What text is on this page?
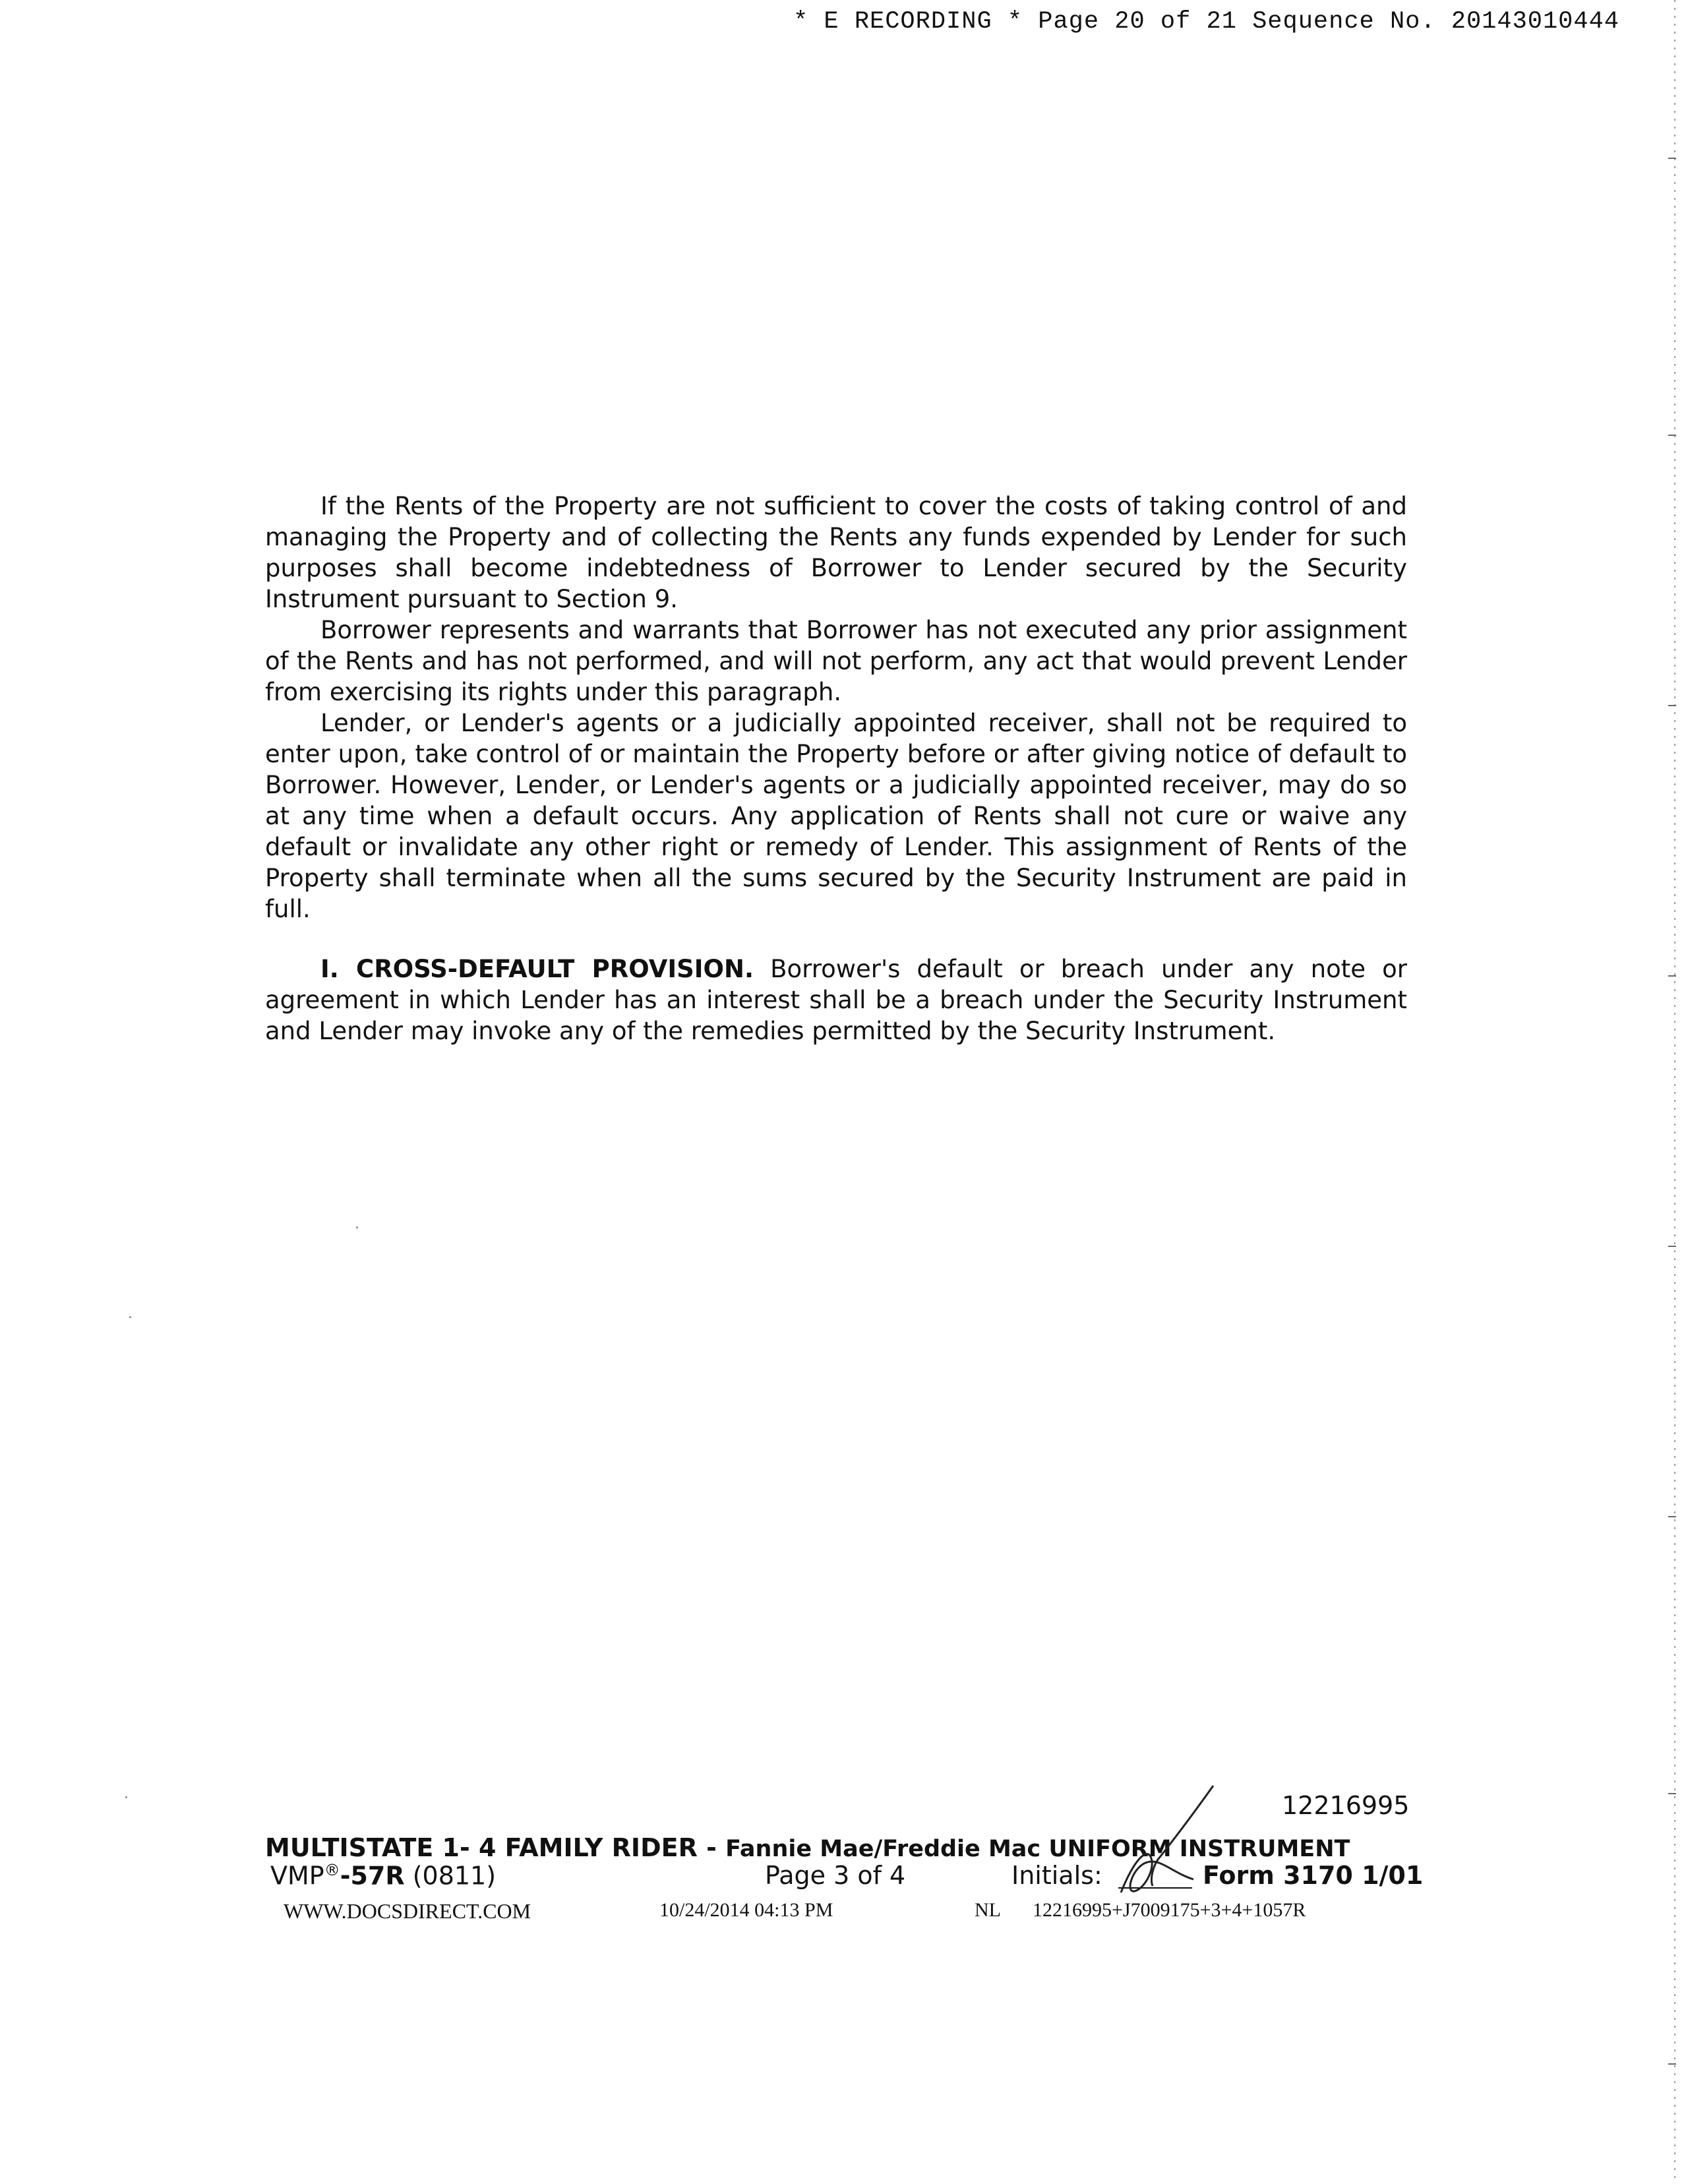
* E RECORDING * Page 20 of 21 Sequence No. 20143010444

If the Rents of the Property are not sufficient to cover the costs of taking control of and managing the Property and of collecting the Rents any funds expended by Lender for such purposes shall become indebtedness of Borrower to Lender secured by the Security Instrument pursuant to Section 9.

Borrower represents and warrants that Borrower has not executed any prior assignment of the Rents and has not performed, and will not perform, any act that would prevent Lender from exercising its rights under this paragraph.

Lender, or Lender's agents or a judicially appointed receiver, shall not be required to enter upon, take control of or maintain the Property before or after giving notice of default to Borrower. However, Lender, or Lender's agents or a judicially appointed receiver, may do so at any time when a default occurs. Any application of Rents shall not cure or waive any default or invalidate any other right or remedy of Lender. This assignment of Rents of the Property shall terminate when all the sums secured by the Security Instrument are paid in full.

I. CROSS-DEFAULT PROVISION. Borrower's default or breach under any note or agreement in which Lender has an interest shall be a breach under the Security Instrument and Lender may invoke any of the remedies permitted by the Security Instrument.

12216995
MULTISTATE 1- 4 FAMILY RIDER - Fannie Mae/Freddie Mac UNIFORM INSTRUMENT
VMP®-57R (0811)	Page 3 of 4	Initials:	Form 3170 1/01
WWW.DOCSDIRECT.COM	10/24/2014 04:13 PM	NL 12216995+J7009175+3+4+1057R
